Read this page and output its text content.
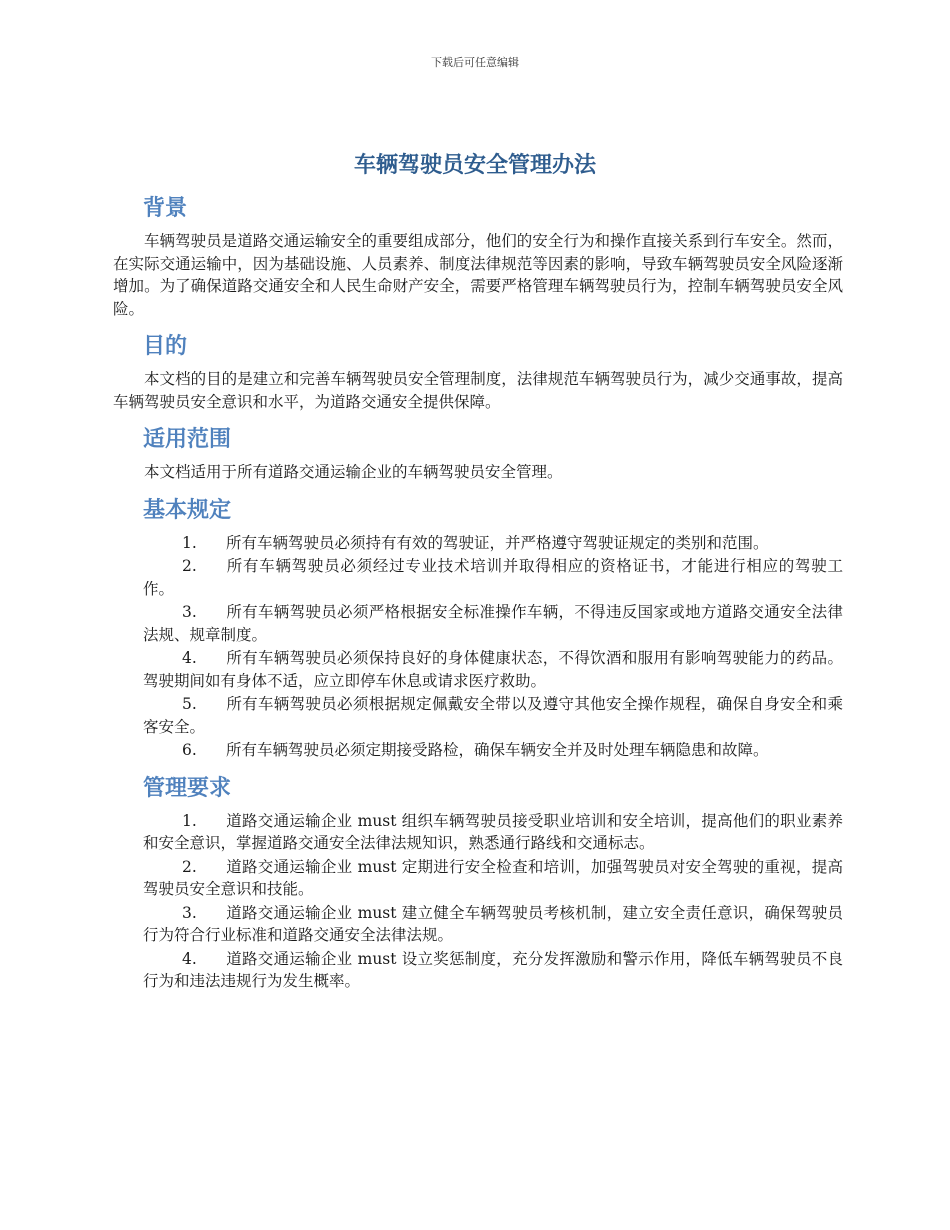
下载后可任意编辑
车辆驾驶员安全管理办法
背景

车辆驾驶员是道路交通运输安全的重要组成部分，他们的安全行为和操作直接关系到行车安全。然而，在实际交通运输中，因为基础设施、人员素养、制度法律规范等因素的影响，导致车辆驾驶员安全风险逐渐增加。为了确保道路交通安全和人民生命财产安全，需要严格管理车辆驾驶员行为，控制车辆驾驶员安全风险。

目的

本文档的目的是建立和完善车辆驾驶员安全管理制度，法律规范车辆驾驶员行为，减少交通事故，提高车辆驾驶员安全意识和水平，为道路交通安全提供保障。

适用范围

本文档适用于所有道路交通运输企业的车辆驾驶员安全管理。

基本规定
1. 所有车辆驾驶员必须持有有效的驾驶证，并严格遵守驾驶证规定的类别和范围。
2. 所有车辆驾驶员必须经过专业技术培训并取得相应的资格证书，才能进行相应的驾驶工作。
3. 所有车辆驾驶员必须严格根据安全标准操作车辆，不得违反国家或地方道路交通安全法律法规、规章制度。
4. 所有车辆驾驶员必须保持良好的身体健康状态，不得饮酒和服用有影响驾驶能力的药品。驾驶期间如有身体不适，应立即停车休息或请求医疗救助。
5. 所有车辆驾驶员必须根据规定佩戴安全带以及遵守其他安全操作规程，确保自身安全和乘客安全。
6. 所有车辆驾驶员必须定期接受路检，确保车辆安全并及时处理车辆隐患和故障。
管理要求
1. 道路交通运输企业 must 组织车辆驾驶员接受职业培训和安全培训，提高他们的职业素养和安全意识，掌握道路交通安全法律法规知识，熟悉通行路线和交通标志。
2. 道路交通运输企业 must 定期进行安全检查和培训，加强驾驶员对安全驾驶的重视，提高驾驶员安全意识和技能。
3. 道路交通运输企业 must 建立健全车辆驾驶员考核机制，建立安全责任意识，确保驾驶员行为符合行业标准和道路交通安全法律法规。
4. 道路交通运输企业 must 设立奖惩制度，充分发挥激励和警示作用，降低车辆驾驶员不良行为和违法违规行为发生概率。
